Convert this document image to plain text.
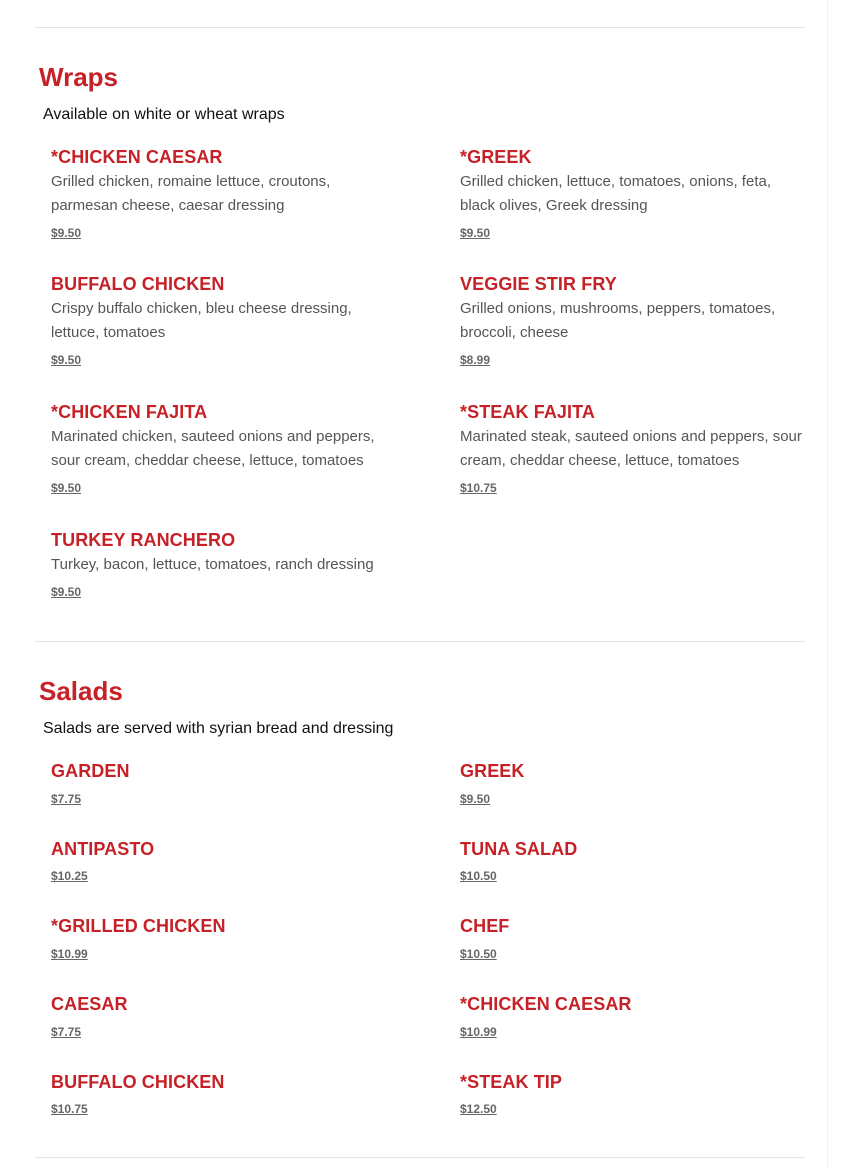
Wraps

Available on white or wheat wraps

*CHICKEN CAESAR
Grilled chicken, romaine lettuce, croutons, parmesan cheese, caesar dressing
$9.50
*GREEK
Grilled chicken, lettuce, tomatoes, onions, feta, black olives, Greek dressing
$9.50
BUFFALO CHICKEN
Crispy buffalo chicken, bleu cheese dressing, lettuce, tomatoes
$9.50
VEGGIE STIR FRY
Grilled onions, mushrooms, peppers, tomatoes, broccoli, cheese
$8.99
*CHICKEN FAJITA
Marinated chicken, sauteed onions and peppers, sour cream, cheddar cheese, lettuce, tomatoes
$9.50
*STEAK FAJITA
Marinated steak, sauteed onions and peppers, sour cream, cheddar cheese, lettuce, tomatoes
$10.75
TURKEY RANCHERO
Turkey, bacon, lettuce, tomatoes, ranch dressing
$9.50
Salads

Salads are served with syrian bread and dressing

GARDEN
$7.75
GREEK
$9.50
ANTIPASTO
$10.25
TUNA SALAD
$10.50
*GRILLED CHICKEN
$10.99
CHEF
$10.50
CAESAR
$7.75
*CHICKEN CAESAR
$10.99
BUFFALO CHICKEN
$10.75
*STEAK TIP
$12.50
